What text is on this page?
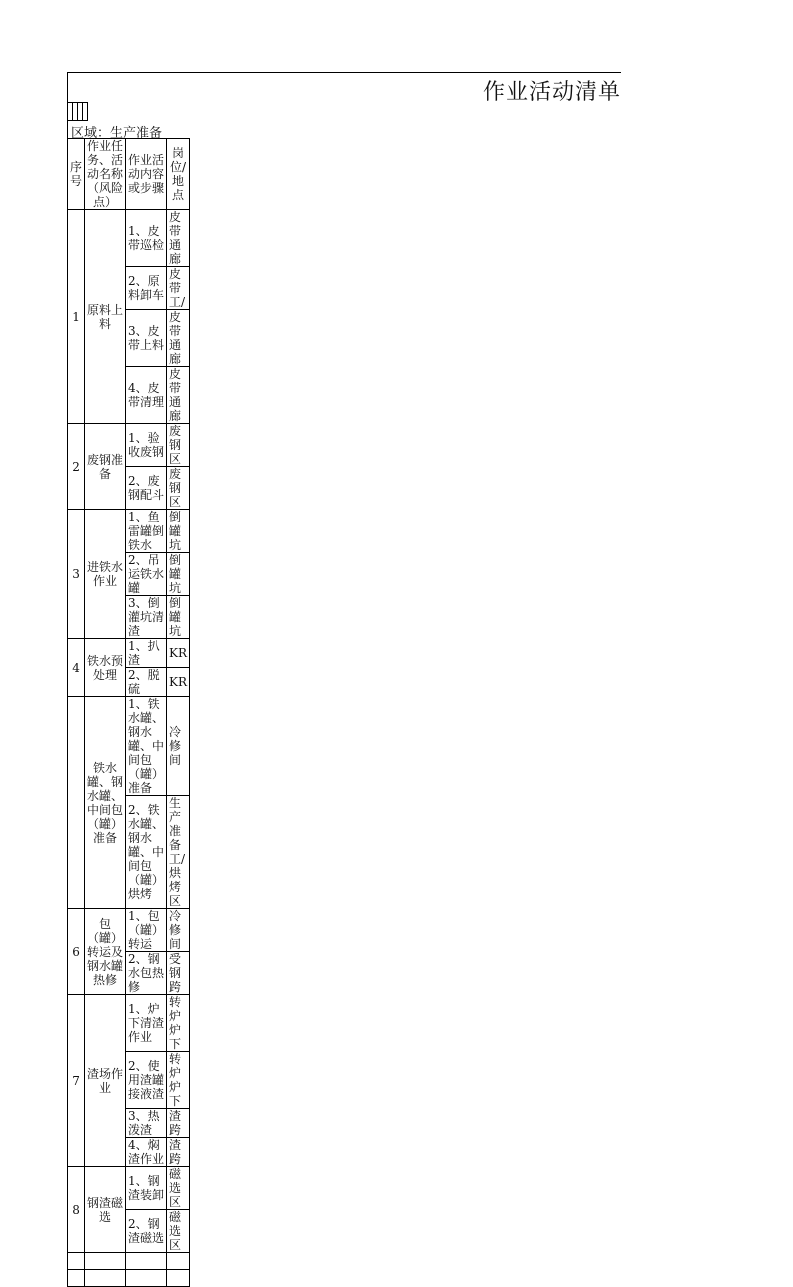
作业活动清单

区域：生产准备
序号	作业任务、活动名称（风险点）	作业活动内容或步骤	岗位/地点
1	原料上料	1、皮带巡检	皮带通廊
		2、原料卸车	皮带工/
		3、皮带上料	皮带通廊
		4、皮带清理	皮带通廊
2	废钢准备	1、验收废钢	废钢区
		2、废钢配斗	废钢区
3	进铁水作业	1、鱼雷罐倒铁水	倒罐坑
		2、吊运铁水罐	倒罐坑
		3、倒灌坑清渣	倒罐坑
4	铁水预处理	1、扒渣	KR
		2、脱硫	KR
	铁水罐、钢水罐、中间包（罐）准备	1、铁水罐、钢水罐、中间包（罐）准备	冷修间
		2、铁水罐、钢水罐、中间包（罐）烘烤	生产准备工/烘烤区
6	包（罐）转运及钢水罐热修	1、包（罐）转运	冷修间
		2、钢水包热修	受钢跨
7	渣场作业	1、炉下清渣作业	转炉炉下
		2、使用渣罐接液渣	转炉炉下
		3、热泼渣	渣跨
		4、焖渣作业	渣跨
8	钢渣磁选	1、钢渣装卸	磁选区
		2、钢渣磁选	磁选区
